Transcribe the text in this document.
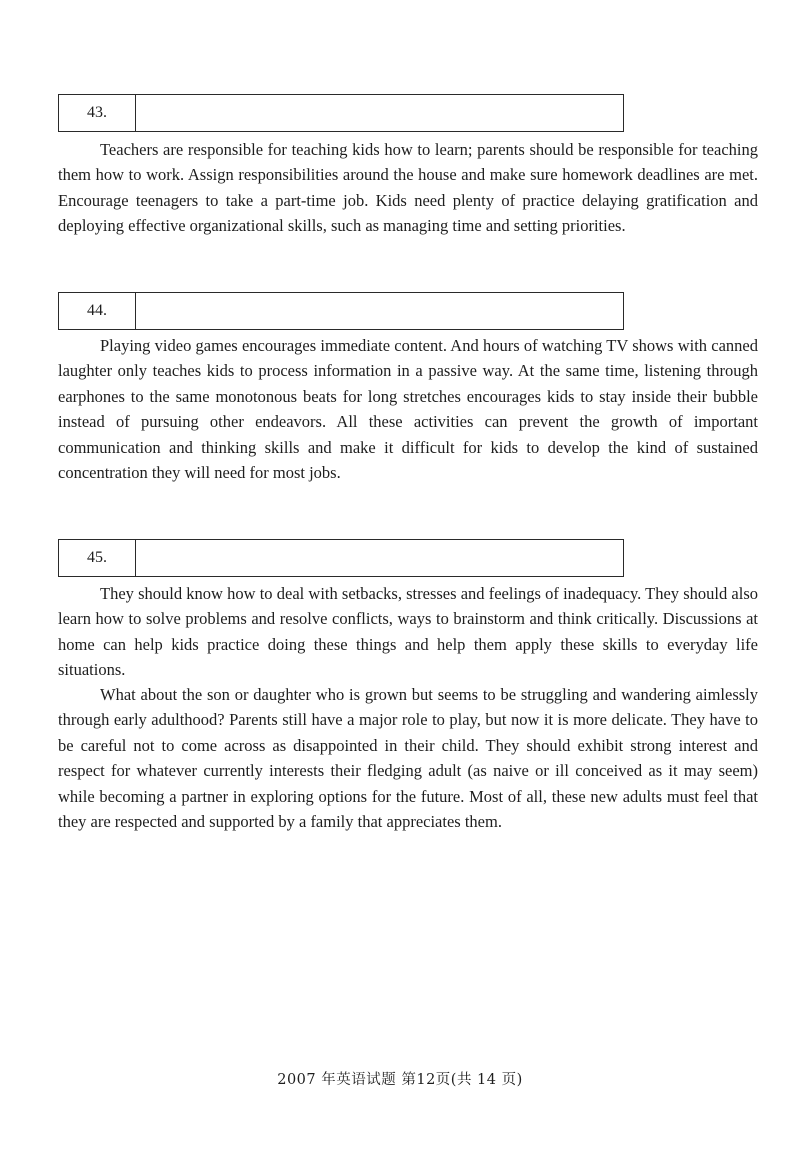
43.

Teachers are responsible for teaching kids how to learn; parents should be responsible for teaching them how to work. Assign responsibilities around the house and make sure homework deadlines are met. Encourage teenagers to take a part-time job. Kids need plenty of practice delaying gratification and deploying effective organizational skills, such as managing time and setting priorities.

44.

Playing video games encourages immediate content. And hours of watching TV shows with canned laughter only teaches kids to process information in a passive way. At the same time, listening through earphones to the same monotonous beats for long stretches encourages kids to stay inside their bubble instead of pursuing other endeavors. All these activities can prevent the growth of important communication and thinking skills and make it difficult for kids to develop the kind of sustained concentration they will need for most jobs.

45.

They should know how to deal with setbacks, stresses and feelings of inadequacy. They should also learn how to solve problems and resolve conflicts, ways to brainstorm and think critically. Discussions at home can help kids practice doing these things and help them apply these skills to everyday life situations.

What about the son or daughter who is grown but seems to be struggling and wandering aimlessly through early adulthood? Parents still have a major role to play, but now it is more delicate. They have to be careful not to come across as disappointed in their child. They should exhibit strong interest and respect for whatever currently interests their fledging adult (as naive or ill conceived as it may seem) while becoming a partner in exploring options for the future. Most of all, these new adults must feel that they are respected and supported by a family that appreciates them.

2007 年英语试题 第12页(共 14 页)
